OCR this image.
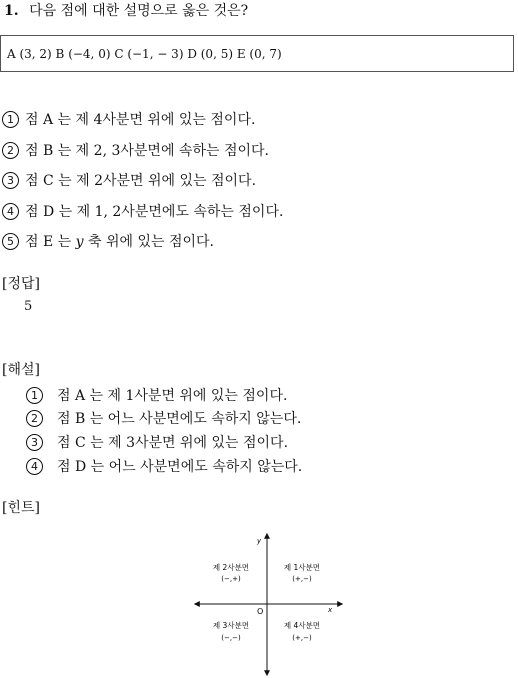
1. 다음 점에 대한 설명으로 옳은 것은?
A (3, 2) B (−4, 0) C (−1, − 3) D (0, 5) E (0, 7)
1 점 A 는 제 4사분면 위에 있는 점이다.
2 점 B 는 제 2, 3사분면에 속하는 점이다.
3 점 C 는 제 2사분면 위에 있는 점이다.
4 점 D 는 제 1, 2사분면에도 속하는 점이다.
5 점 E 는 y 축 위에 있는 점이다.
[정답]
5
[해설]
1 점 A 는 제 1사분면 위에 있는 점이다.
2 점 B 는 어느 사분면에도 속하지 않는다.
3 점 C 는 제 3사분면 위에 있는 점이다.
4 점 D 는 어느 사분면에도 속하지 않는다.
[힌트]
x
y
O
제 2사분면
(−,+)
제 1사분면
(+,−)
제 3사분면
(−,−)
제 4사분면
(+,−)
